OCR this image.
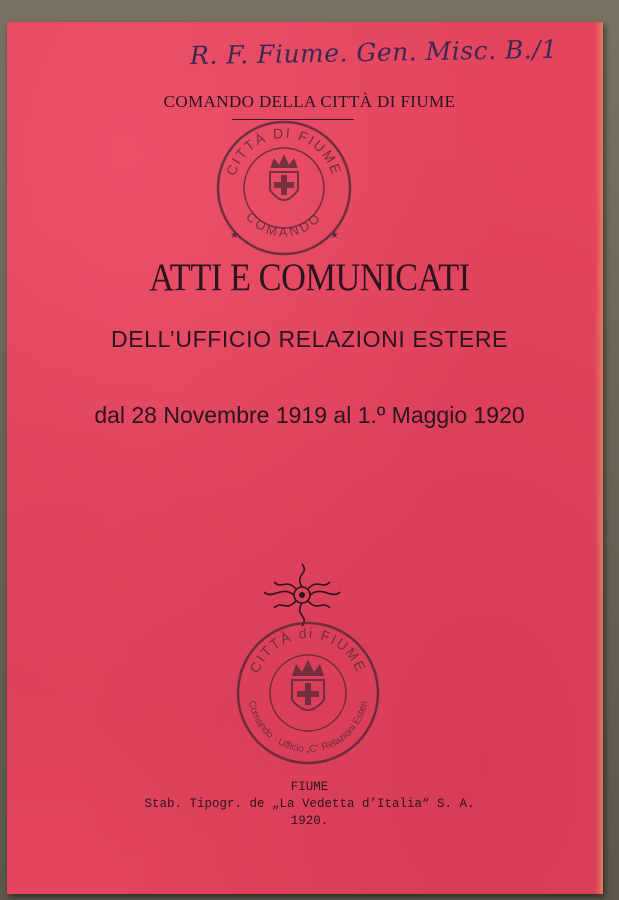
R. F. Fiume. Gen. Misc. B./1
COMANDO DELLA CITTÀ DI FIUME
CITTÀ DI FIUME
COMANDO
★	★
ATTI E COMUNICATI
DELL’UFFICIO RELAZIONI ESTERE
dal 28 Novembre 1919 al 1.º Maggio 1920
CITTÀ di FIUME
Comando · Ufficio „C“ Relazioni Esteri
FIUME
Stab. Tipogr. de „La Vedetta d’Italia“ S. A.
1920.
